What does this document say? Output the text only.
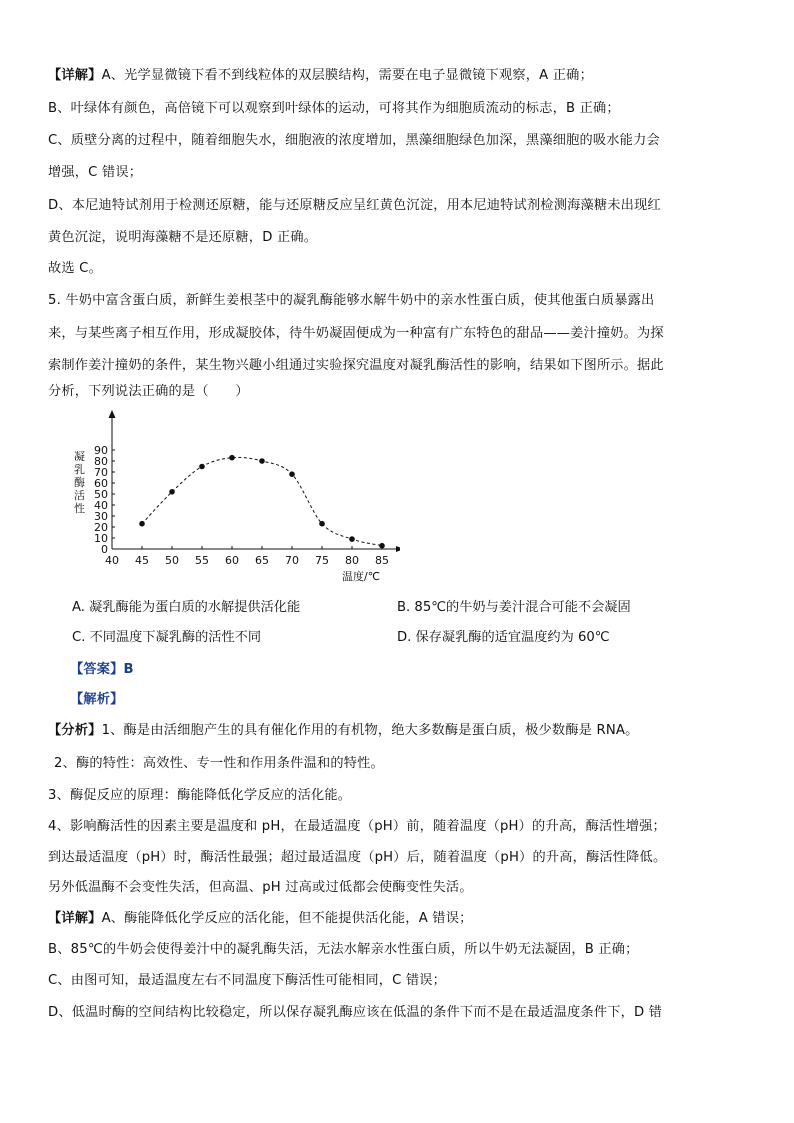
【详解】A、光学显微镜下看不到线粒体的双层膜结构，需要在电子显微镜下观察，A 正确；
B、叶绿体有颜色，高倍镜下可以观察到叶绿体的运动，可将其作为细胞质流动的标志，B 正确；
C、质壁分离的过程中，随着细胞失水，细胞液的浓度增加，黑藻细胞绿色加深，黑藻细胞的吸水能力会
增强，C 错误；
D、本尼迪特试剂用于检测还原糖，能与还原糖反应呈红黄色沉淀，用本尼迪特试剂检测海藻糖未出现红
黄色沉淀，说明海藻糖不是还原糖，D 正确。
故选 C。
5. 牛奶中富含蛋白质，新鲜生姜根茎中的凝乳酶能够水解牛奶中的亲水性蛋白质，使其他蛋白质暴露出
来，与某些离子相互作用，形成凝胶体，待牛奶凝固便成为一种富有广东特色的甜品——姜汁撞奶。为探
索制作姜汁撞奶的条件，某生物兴趣小组通过实验探究温度对凝乳酶活性的影响，结果如下图所示。据此
分析，下列说法正确的是（　　）
0
10
20
30
40
50
60
70
80
90
40 45 50 55 60 65 70 75 80 85
凝乳酶活性
温度/℃
A. 凝乳酶能为蛋白质的水解提供活化能	B. 85℃的牛奶与姜汁混合可能不会凝固
C. 不同温度下凝乳酶的活性不同	D. 保存凝乳酶的适宜温度约为 60℃
【答案】B
【解析】
【分析】1、酶是由活细胞产生的具有催化作用的有机物，绝大多数酶是蛋白质，极少数酶是 RNA。
2、酶的特性：高效性、专一性和作用条件温和的特性。
3、酶促反应的原理：酶能降低化学反应的活化能。
4、影响酶活性的因素主要是温度和 pH，在最适温度（pH）前，随着温度（pH）的升高，酶活性增强；
到达最适温度（pH）时，酶活性最强；超过最适温度（pH）后，随着温度（pH）的升高，酶活性降低。
另外低温酶不会变性失活，但高温、pH 过高或过低都会使酶变性失活。
【详解】A、酶能降低化学反应的活化能，但不能提供活化能，A 错误；
B、85℃的牛奶会使得姜汁中的凝乳酶失活，无法水解亲水性蛋白质，所以牛奶无法凝固，B 正确；
C、由图可知，最适温度左右不同温度下酶活性可能相同，C 错误；
D、低温时酶的空间结构比较稳定，所以保存凝乳酶应该在低温的条件下而不是在最适温度条件下，D 错
